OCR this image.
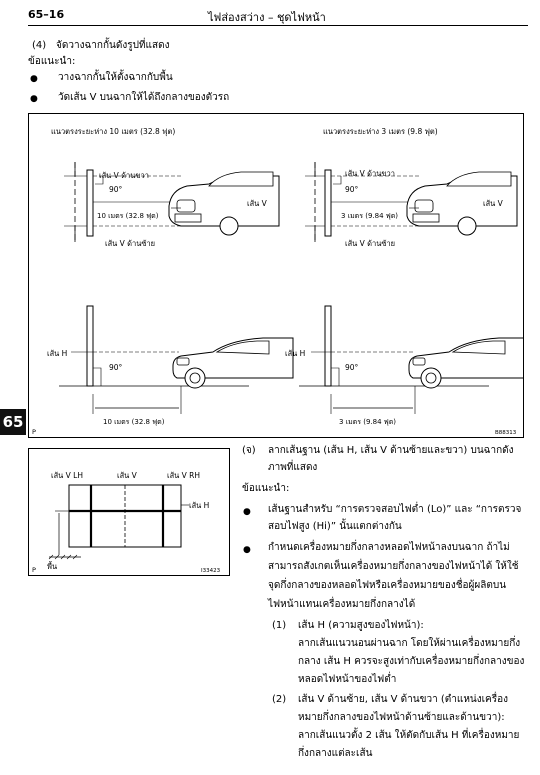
65–16	ไฟส่องสว่าง – ชุดไฟหน้า
(4) จัดวางฉากกั้นดังรูปที่แสดง
ข้อแนะนำ:
● วางฉากกั้นให้ตั้งฉากกับพื้น
● วัดเส้น V บนฉากให้ได้ถึงกลางของตัวรถ
แนวตรงระยะห่าง 10 เมตร (32.8 ฟุต)
เส้น V ด้านขวา
90°
10 เมตร (32.8 ฟุต)
เส้น V ด้านซ้าย
เส้น V
แนวตรงระยะห่าง 3 เมตร (9.8 ฟุต)
เส้น V ด้านขวา
90°
3 เมตร (9.84 ฟุต)
เส้น V ด้านซ้าย
เส้น V
เส้น H
90°
10 เมตร (32.8 ฟุต)
เส้น H
90°
3 เมตร (9.84 ฟุต)
P	B88313
65
เส้น V LH	เส้น V	เส้น V RH
เส้น H
พื้น
P	I33423
(จ) ลากเส้นฐาน (เส้น H, เส้น V ด้านซ้ายและขวา) บนฉากดัง
ภาพที่แสดง
ข้อแนะนำ:
● เส้นฐานสำหรับ “การตรวจสอบไฟต่ำ (Lo)” และ “การตรวจ
สอบไฟสูง (Hi)” นั้นแตกต่างกัน
● กำหนดเครื่องหมายกึ่งกลางหลอดไฟหน้าลงบนฉาก ถ้าไม่
สามารถสังเกตเห็นเครื่องหมายกึ่งกลางของไฟหน้าได้ ให้ใช้
จุดกึ่งกลางของหลอดไฟหรือเครื่องหมายของชื่อผู้ผลิตบน
ไฟหน้าแทนเครื่องหมายกึ่งกลางได้
(1) เส้น H (ความสูงของไฟหน้า):
ลากเส้นแนวนอนผ่านฉาก โดยให้ผ่านเครื่องหมายกึ่ง
กลาง เส้น H ควรจะสูงเท่ากับเครื่องหมายกึ่งกลางของ
หลอดไฟหน้าของไฟต่ำ
(2) เส้น V ด้านซ้าย, เส้น V ด้านขวา (ตำแหน่งเครื่อง
หมายกึ่งกลางของไฟหน้าด้านซ้ายและด้านขวา):
ลากเส้นแนวตั้ง 2 เส้น ให้ตัดกับเส้น H ที่เครื่องหมาย
กึ่งกลางแต่ละเส้น
